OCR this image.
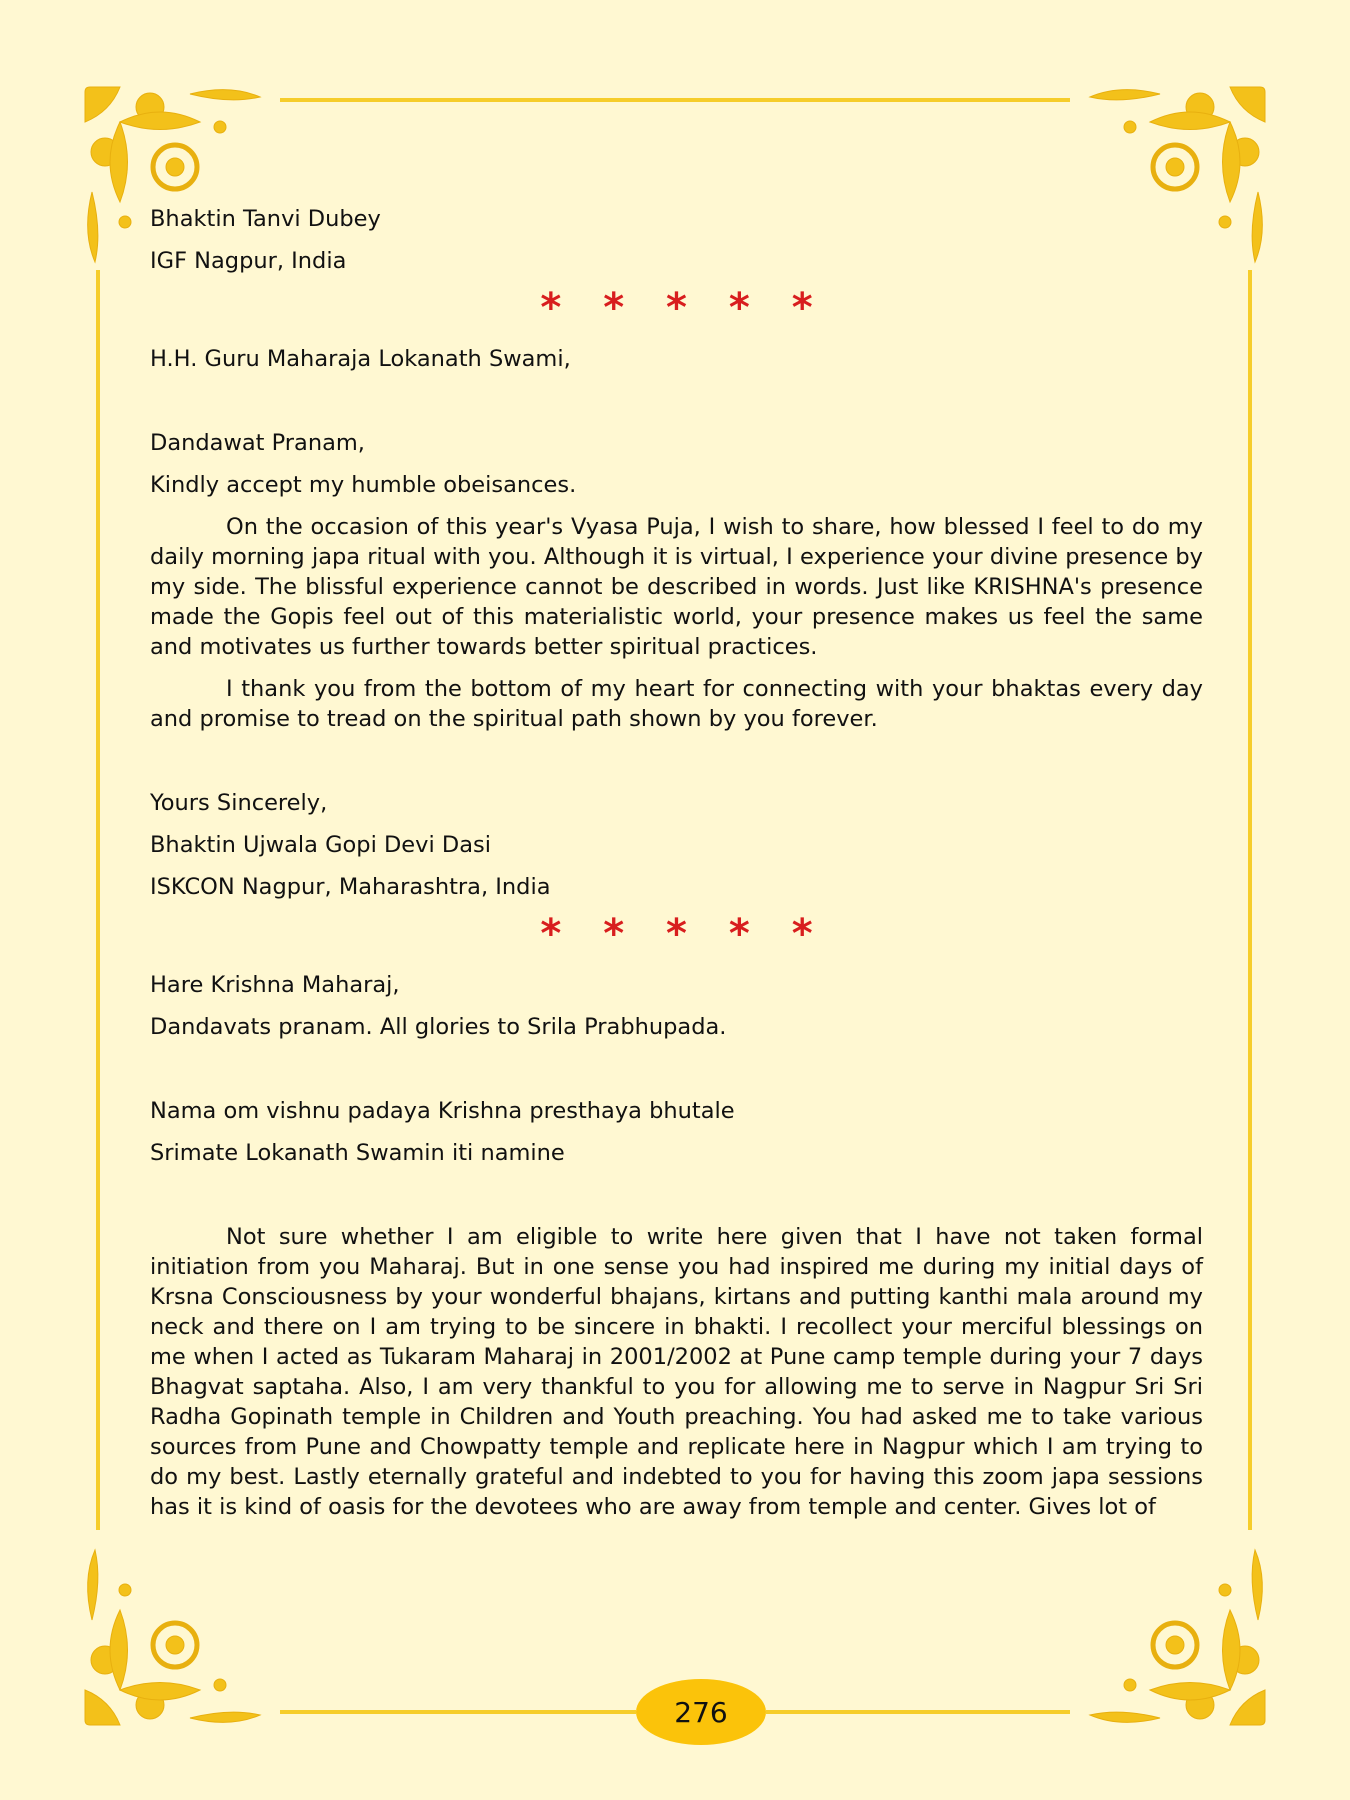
Bhaktin Tanvi Dubey
IGF Nagpur, India
* * * * *
H.H. Guru Maharaja Lokanath Swami,
Dandawat Pranam,
Kindly accept my humble obeisances.
On the occasion of this year's Vyasa Puja, I wish to share, how blessed I feel to do my daily morning japa ritual with you. Although it is virtual, I experience your divine presence by my side. The blissful experience cannot be described in words. Just like KRISHNA's presence made the Gopis feel out of this materialistic world, your presence makes us feel the same and motivates us further towards better spiritual practices.
I thank you from the bottom of my heart for connecting with your bhaktas every day and promise to tread on the spiritual path shown by you forever.
Yours Sincerely,
Bhaktin Ujwala Gopi Devi Dasi
ISKCON Nagpur, Maharashtra, India
* * * * *
Hare Krishna Maharaj,
Dandavats pranam. All glories to Srila Prabhupada.
Nama om vishnu padaya Krishna presthaya bhutale
Srimate Lokanath Swamin iti namine
Not sure whether I am eligible to write here given that I have not taken formal initiation from you Maharaj. But in one sense you had inspired me during my initial days of Krsna Consciousness by your wonderful bhajans, kirtans and putting kanthi mala around my neck and there on I am trying to be sincere in bhakti. I recollect your merciful blessings on me when I acted as Tukaram Maharaj in 2001/2002 at Pune camp temple during your 7 days Bhagvat saptaha. Also, I am very thankful to you for allowing me to serve in Nagpur Sri Sri Radha Gopinath temple in Children and Youth preaching. You had asked me to take various sources from Pune and Chowpatty temple and replicate here in Nagpur which I am trying to do my best. Lastly eternally grateful and indebted to you for having this zoom japa sessions has it is kind of oasis for the devotees who are away from temple and center. Gives lot of
276
